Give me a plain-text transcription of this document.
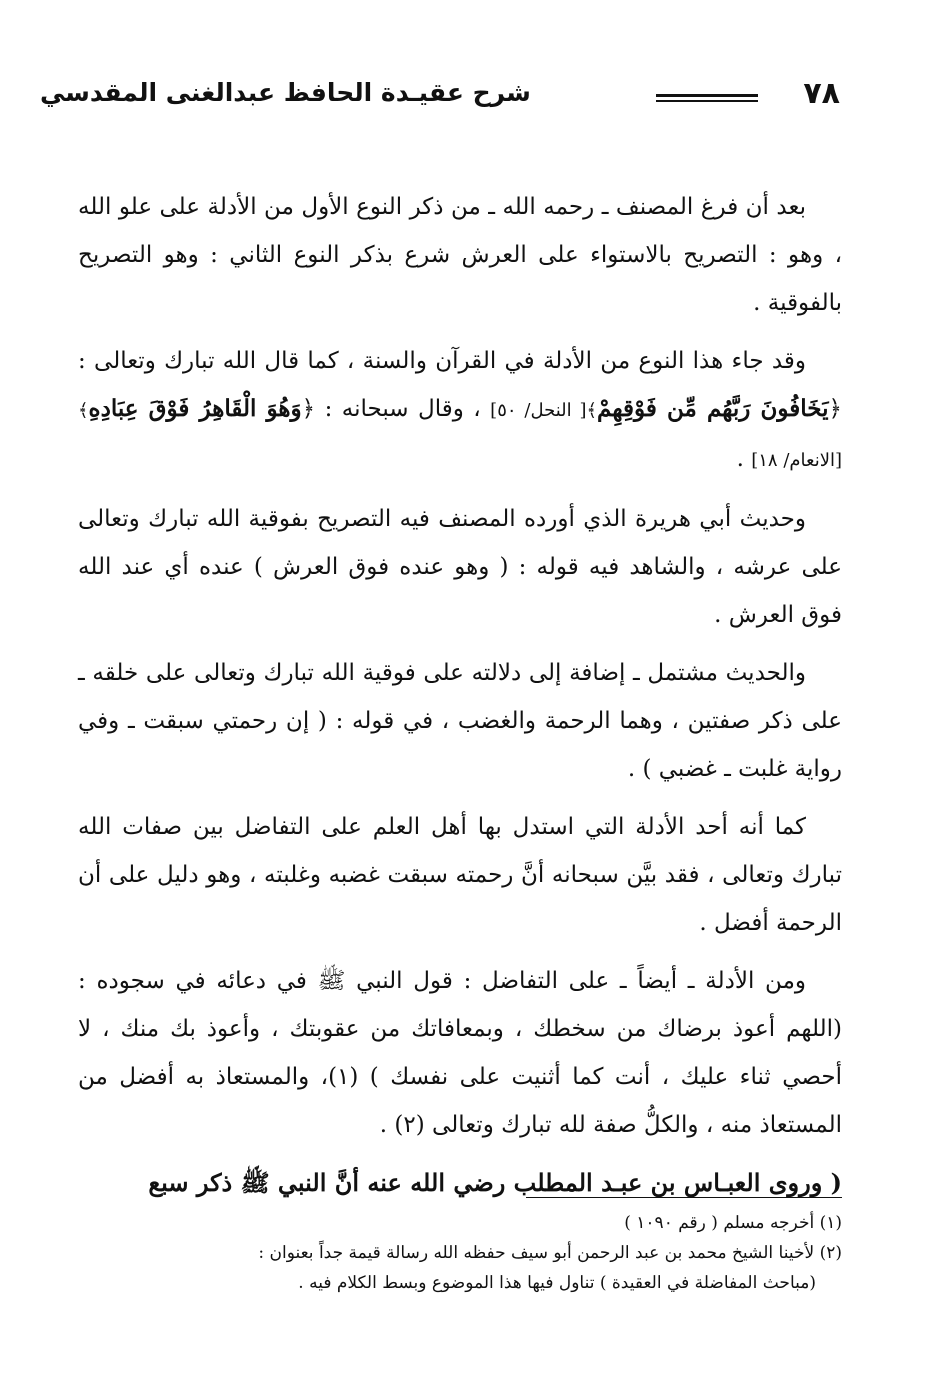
٧٨
شرح عقيـدة الحافظ عبدالغنى المقدسي

بعد أن فرغ المصنف ـ رحمه الله ـ من ذكر النوع الأول من الأدلة على علو الله ، وهو : التصريح بالاستواء على العرش شرع بذكر النوع الثاني : وهو التصريح بالفوقية .

وقد جاء هذا النوع من الأدلة في القرآن والسنة ، كما قال الله تبارك وتعالى : ﴿يَخَافُونَ رَبَّهُم مِّن فَوْقِهِمْ﴾[ النحل/ ٥٠] ، وقال سبحانه : ﴿وَهُوَ الْقَاهِرُ فَوْقَ عِبَادِهِ﴾[الانعام/ ١٨] .

وحديث أبي هريرة الذي أورده المصنف فيه التصريح بفوقية الله تبارك وتعالى على عرشه ، والشاهد فيه قوله : ( وهو عنده فوق العرش ) عنده أي عند الله فوق العرش .

والحديث مشتمل ـ إضافة إلى دلالته على فوقية الله تبارك وتعالى على خلقه ـ على ذكر صفتين ، وهما الرحمة والغضب ، في قوله : ( إن رحمتي سبقت ـ وفي رواية غلبت ـ غضبي ) .

كما أنه أحد الأدلة التي استدل بها أهل العلم على التفاضل بين صفات الله تبارك وتعالى ، فقد بيَّن سبحانه أنَّ رحمته سبقت غضبه وغلبته ، وهو دليل على أن الرحمة أفضل .

ومن الأدلة ـ أيضاً ـ على التفاضل : قول النبي ﷺ في دعائه في سجوده : (اللهم أعوذ برضاك من سخطك ، وبمعافاتك من عقوبتك ، وأعوذ بك منك ، لا أحصي ثناء عليك ، أنت كما أثنيت على نفسك ) (١)، والمستعاذ به أفضل من المستعاذ منه ، والكلُّ صفة لله تبارك وتعالى (٢) .

( وروى العبـاس بن عبـد المطلب رضي الله عنه أنَّ النبي ﷺ ذكر سبع

(١) أخرجه مسلم ( رقم ١٠٩٠ )

(٢) لأخينا الشيخ محمد بن عبد الرحمن أبو سيف حفظه الله رسالة قيمة جداً بعنوان :

(مباحث المفاضلة في العقيدة ) تناول فيها هذا الموضوع وبسط الكلام فيه .
